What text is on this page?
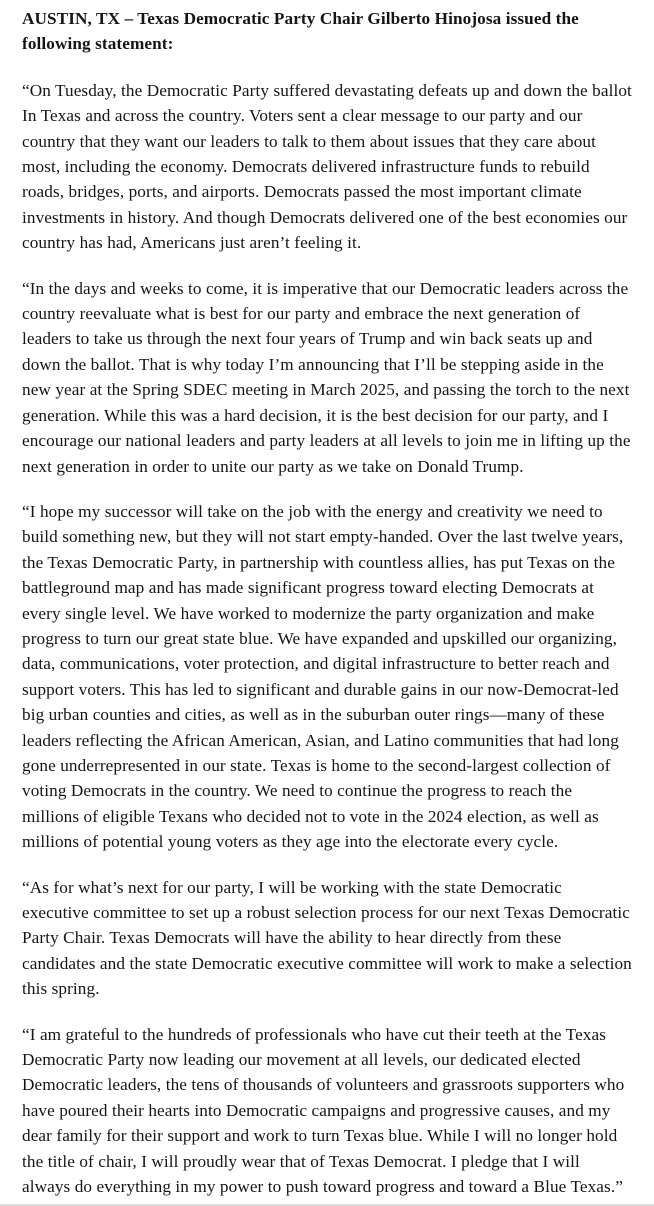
AUSTIN, TX – Texas Democratic Party Chair Gilberto Hinojosa issued the following statement:

“On Tuesday, the Democratic Party suffered devastating defeats up and down the ballot In Texas and across the country. Voters sent a clear message to our party and our country that they want our leaders to talk to them about issues that they care about most, including the economy. Democrats delivered infrastructure funds to rebuild roads, bridges, ports, and airports. Democrats passed the most important climate investments in history. And though Democrats delivered one of the best economies our country has had, Americans just aren’t feeling it.

“In the days and weeks to come, it is imperative that our Democratic leaders across the country reevaluate what is best for our party and embrace the next generation of leaders to take us through the next four years of Trump and win back seats up and down the ballot. That is why today I’m announcing that I’ll be stepping aside in the new year at the Spring SDEC meeting in March 2025, and passing the torch to the next generation. While this was a hard decision, it is the best decision for our party, and I encourage our national leaders and party leaders at all levels to join me in lifting up the next generation in order to unite our party as we take on Donald Trump.

“I hope my successor will take on the job with the energy and creativity we need to build something new, but they will not start empty-handed. Over the last twelve years, the Texas Democratic Party, in partnership with countless allies, has put Texas on the battleground map and has made significant progress toward electing Democrats at every single level. We have worked to modernize the party organization and make progress to turn our great state blue. We have expanded and upskilled our organizing, data, communications, voter protection, and digital infrastructure to better reach and support voters. This has led to significant and durable gains in our now-Democrat-led big urban counties and cities, as well as in the suburban outer rings—many of these leaders reflecting the African American, Asian, and Latino communities that had long gone underrepresented in our state. Texas is home to the second-largest collection of voting Democrats in the country. We need to continue the progress to reach the millions of eligible Texans who decided not to vote in the 2024 election, as well as millions of potential young voters as they age into the electorate every cycle.

“As for what’s next for our party, I will be working with the state Democratic executive committee to set up a robust selection process for our next Texas Democratic Party Chair. Texas Democrats will have the ability to hear directly from these candidates and the state Democratic executive committee will work to make a selection this spring.

“I am grateful to the hundreds of professionals who have cut their teeth at the Texas Democratic Party now leading our movement at all levels, our dedicated elected Democratic leaders, the tens of thousands of volunteers and grassroots supporters who have poured their hearts into Democratic campaigns and progressive causes, and my dear family for their support and work to turn Texas blue. While I will no longer hold the title of chair, I will proudly wear that of Texas Democrat. I pledge that I will always do everything in my power to push toward progress and toward a Blue Texas.”
